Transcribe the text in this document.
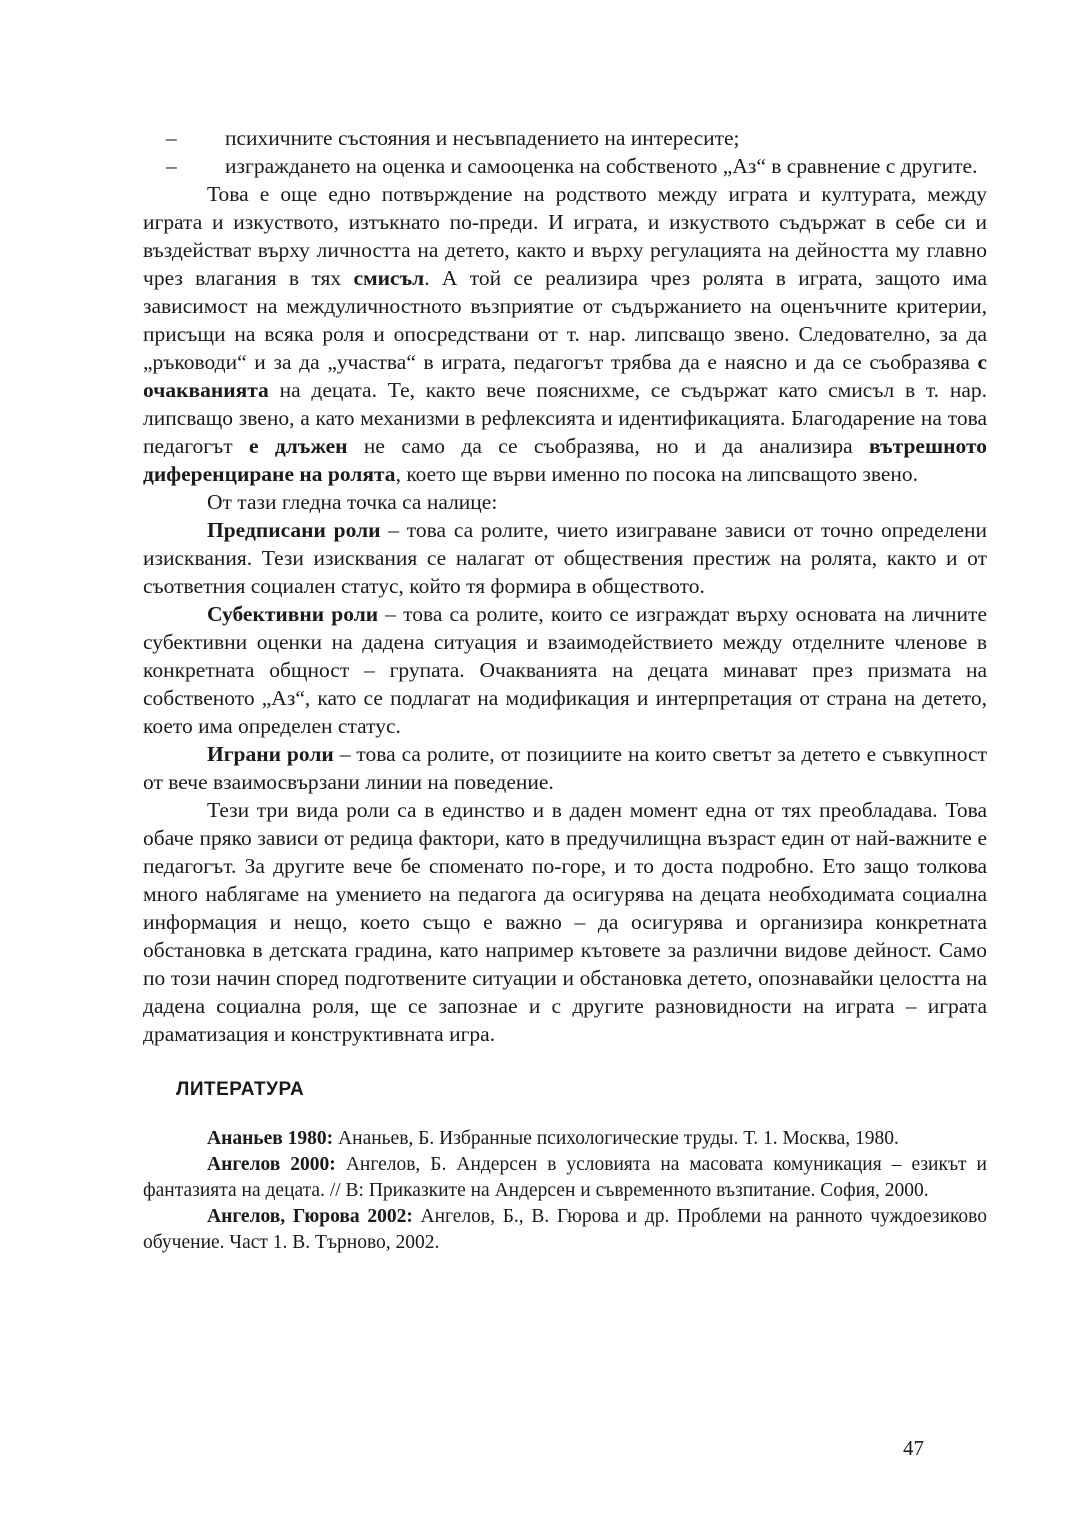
– психичните състояния и несъвпадението на интересите;
– изграждането на оценка и самооценка на собственото „Аз“ в сравнение с другите.

Това е още едно потвърждение на родството между играта и културата, между играта и изкуството, изтъкнато по-преди. И играта, и изкуството съдържат в себе си и въздействат върху личността на детето, както и върху регулацията на дейността му главно чрез влагания в тях смисъл. А той се реализира чрез ролята в играта, защото има зависимост на междуличностното възприятие от съдържанието на оценъчните критерии, присъщи на всяка роля и опосредствани от т. нар. липсващо звено. Следователно, за да „ръководи“ и за да „участва“ в играта, педагогът трябва да е наясно и да се съобразява с очакванията на децата. Те, както вече пояснихме, се съдържат като смисъл в т. нар. липсващо звено, а като механизми в рефлексията и идентификацията. Благодарение на това педагогът е длъжен не само да се съобразява, но и да анализира вътрешното диференциране на ролята, което ще върви именно по посока на липсващото звено.

От тази гледна точка са налице:

Предписани роли – това са ролите, чието изиграване зависи от точно определени изисквания. Тези изисквания се налагат от обществения престиж на ролята, както и от съответния социален статус, който тя формира в обществото.

Субективни роли – това са ролите, които се изграждат върху основата на личните субективни оценки на дадена ситуация и взаимодействието между отделните членове в конкретната общност – групата. Очакванията на децата минават през призмата на собственото „Аз“, като се подлагат на модификация и интерпретация от страна на детето, което има определен статус.

Играни роли – това са ролите, от позициите на които светът за детето е съвкупност от вече взаимосвързани линии на поведение.

Тези три вида роли са в единство и в даден момент една от тях преобладава. Това обаче пряко зависи от редица фактори, като в предучилищна възраст един от най-важните е педагогът. За другите вече бе споменато по-горе, и то доста подробно. Ето защо толкова много наблягаме на умението на педагога да осигурява на децата необходимата социална информация и нещо, което също е важно – да осигурява и организира конкретната обстановка в детската градина, като например кътовете за различни видове дейност. Само по този начин според подготвените ситуации и обстановка детето, опознавайки целостта на дадена социална роля, ще се запознае и с другите разновидности на играта – играта драматизация и конструктивната игра.

ЛИТЕРАТУРА

Ананьев 1980: Ананьев, Б. Избранные психологические труды. Т. 1. Москва, 1980.

Ангелов 2000: Ангелов, Б. Андерсен в условията на масовата комуникация – езикът и фантазията на децата. // В: Приказките на Андерсен и съвременното възпитание. София, 2000.

Ангелов, Гюрова 2002: Ангелов, Б., В. Гюрова и др. Проблеми на ранното чуждоезиково обучение. Част 1. В. Търново, 2002.

47
